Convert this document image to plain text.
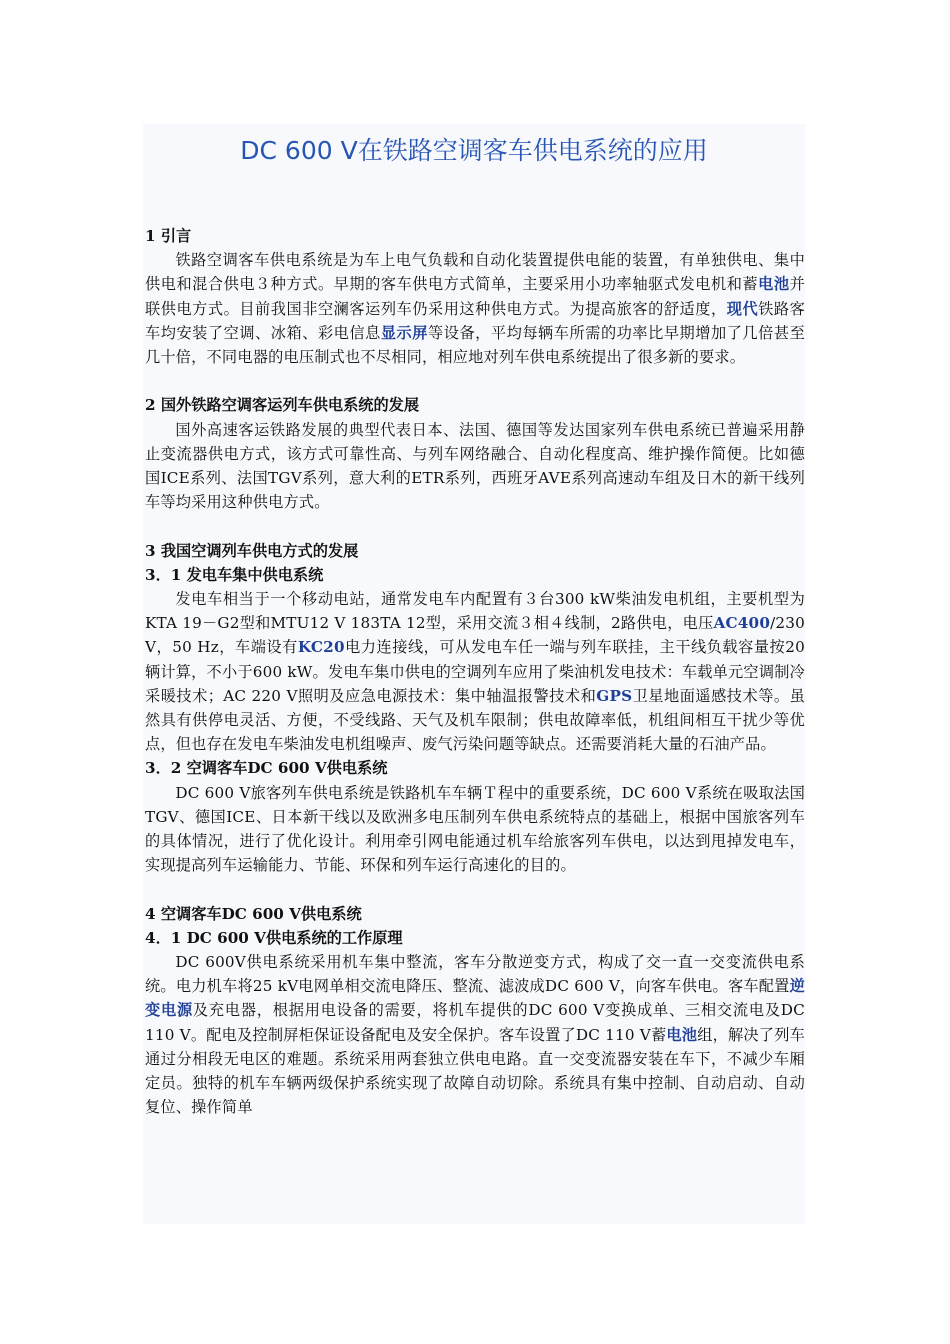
DC 600 V在铁路空调客车供电系统的应用
1 引言

铁路空调客车供电系统是为车上电气负载和自动化装置提供电能的装置，有单独供电、集中供电和混合供电３种方式。早期的客车供电方式简单，主要采用小功率轴驱式发电机和蓄电池并联供电方式。目前我国非空澜客运列车仍采用这种供电方式。为提高旅客的舒适度，现代铁路客车均安装了空调、冰箱、彩电信息显示屏等设备，平均每辆车所需的功率比早期增加了几倍甚至几十倍，不同电器的电压制式也不尽相同，相应地对列车供电系统提出了很多新的要求。

2 国外铁路空调客运列车供电系统的发展

国外高速客运铁路发展的典型代表日本、法国、德国等发达国家列车供电系统已普遍采用静止变流器供电方式，该方式可靠性高、与列车网络融合、自动化程度高、维护操作简便。比如德国ICE系列、法国TGV系列，意大利的ETR系列，西班牙AVE系列高速动车组及日木的新干线列车等均采用这种供电方式。

3 我国空调列车供电方式的发展
3．1 发电车集中供电系统

发电车相当于一个移动电站，通常发电车内配置有３台300 kW柴油发电机组，主要机型为KTA 19－G2型和MTU12 V 183TA 12型，采用交流３相４线制，2路供电，电压AC400/230 V，50 Hz，车端设有KC20电力连接线，可从发电车任一端与列车联挂，主干线负载容量按20辆计算，不小于600 kW。发电车集巾供电的空调列车应用了柴油机发电技术：车载单元空调制冷采暖技术；AC 220 V照明及应急电源技术：集中轴温报警技术和GPS卫星地面遥感技术等。虽然具有供停电灵活、方便，不受线路、天气及机车限制；供电故障率低，机组间相互干扰少等优点，但也存在发电车柴油发电机组噪声、废气污染问题等缺点。还需要消耗大量的石油产品。

3．2 空调客车DC 600 V供电系统

DC 600 V旅客列车供电系统是铁路机车车辆Ｔ程中的重要系统，DC 600 V系统在吸取法国TGV、德国ICE、日本新干线以及欧洲多电压制列车供电系统特点的基础上，根据中国旅客列车的具体情况，进行了优化设计。利用牵引网电能通过机车给旅客列车供电，以达到甩掉发电车，实现提高列车运输能力、节能、环保和列车运行高速化的目的。

4 空调客车DC 600 V供电系统
4．1 DC 600 V供电系统的工作原理

DC 600V供电系统采用机车集中整流，客车分散逆变方式，构成了交一直一交变流供电系统。电力机车将25 kV电网单相交流电降压、整流、滤波成DC 600 V，向客车供电。客车配置逆变电源及充电器，根据用电设备的需要，将机车提供的DC 600 V变换成单、三相交流电及DC 110 V。配电及控制屏柜保证设备配电及安全保护。客车设置了DC 110 V蓄电池组，解决了列车通过分相段无电区的难题。系统采用两套独立供电电路。直一交变流器安装在车下，不减少车厢定员。独特的机车车辆两级保护系统实现了故障自动切除。系统具有集中控制、自动启动、自动复位、操作简单
